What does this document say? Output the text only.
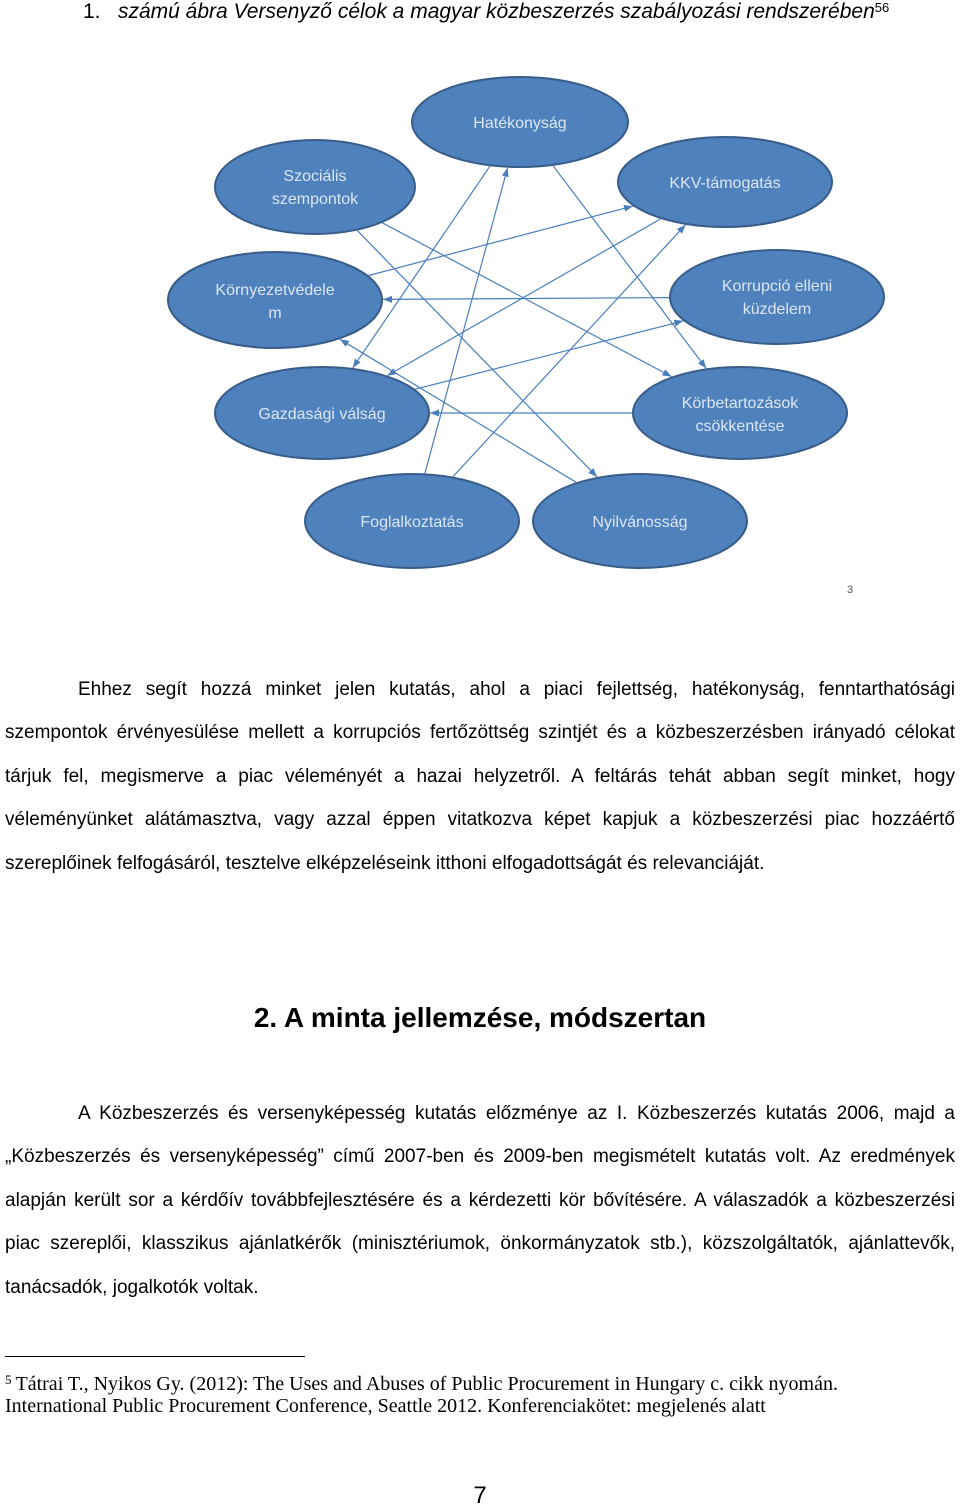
1. számú ábra Versenyző célok a magyar közbeszerzés szabályozási rendszerében$^{56}$
Hatékonyság
Szociális
szempontok
KKV-támogatás
Környezetvédele
m
Korrupció elleni
küzdelem
Gazdasági válság
Körbetartozások
csökkentése
Foglalkoztatás	Nyilvánosság
3

Ehhez segít hozzá minket jelen kutatás, ahol a piaci fejlettség, hatékonyság, fenntarthatósági szempontok érvényesülése mellett a korrupciós fertőzöttség szintjét és a közbeszerzésben irányadó célokat tárjuk fel, megismerve a piac véleményét a hazai helyzetről. A feltárás tehát abban segít minket, hogy véleményünket alátámasztva, vagy azzal éppen vitatkozva képet kapjuk a közbeszerzési piac hozzáértő szereplőinek felfogásáról, tesztelve elképzeléseink itthoni elfogadottságát és relevanciáját.

2. A minta jellemzése, módszertan

A Közbeszerzés és versenyképesség kutatás előzménye az I. Közbeszerzés kutatás 2006, majd a „Közbeszerzés és versenyképesség” című 2007-ben és 2009-ben megismételt kutatás volt. Az eredmények alapján került sor a kérdőív továbbfejlesztésére és a kérdezetti kör bővítésére. A válaszadók a közbeszerzési piac szereplői, klasszikus ajánlatkérők (minisztériumok, önkormányzatok stb.), közszolgáltatók, ajánlattevők, tanácsadók, jogalkotók voltak.

$^5$ Tátrai T., Nyikos Gy. (2012): The Uses and Abuses of Public Procurement in Hungary c. cikk nyomán. International Public Procurement Conference, Seattle 2012. Konferenciakötet: megjelenés alatt

7
